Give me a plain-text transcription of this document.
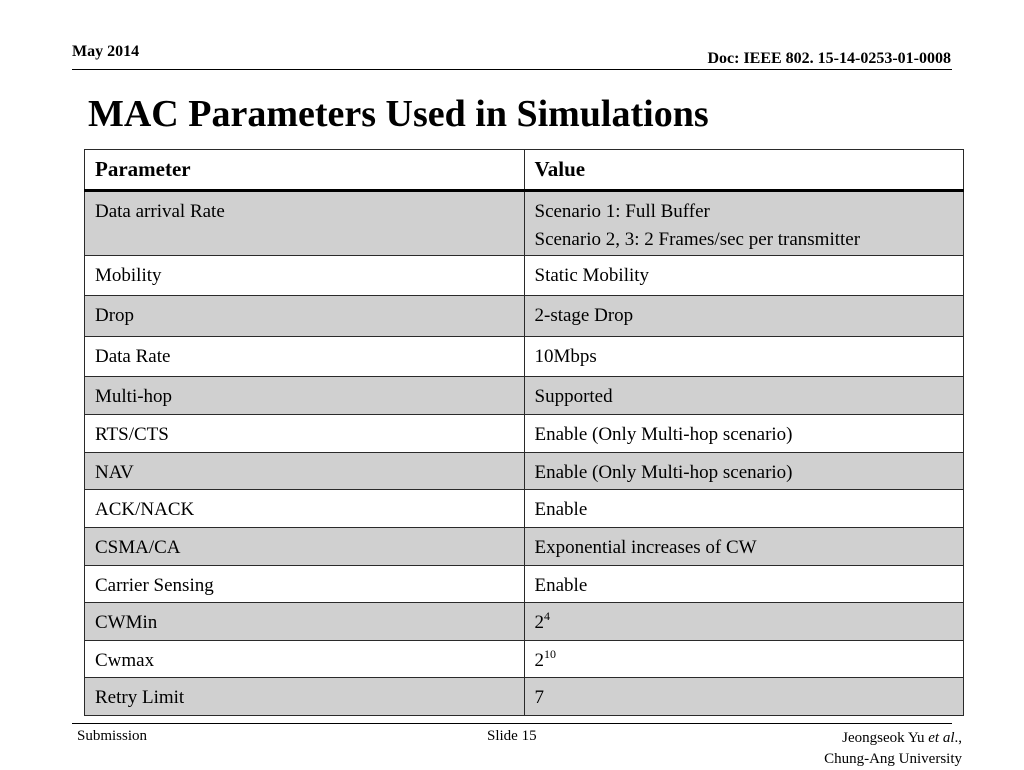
May 2014	Doc: IEEE 802. 15-14-0253-01-0008
MAC Parameters Used in Simulations
Parameter	Value
Data arrival Rate	Scenario 1: Full Buffer
Scenario 2, 3: 2 Frames/sec per transmitter

Mobility	Static Mobility
Drop	2-stage Drop
Data Rate	10Mbps
Multi-hop	Supported
RTS/CTS	Enable (Only Multi-hop scenario)
NAV	Enable (Only Multi-hop scenario)
ACK/NACK	Enable
CSMA/CA	Exponential increases of CW
Carrier Sensing	Enable
CWMin	$2^4$
Cwmax	$2^{10}$
Retry Limit	7
Submission	Slide 15	Jeongseok Yu et al.,
Chung-Ang University
